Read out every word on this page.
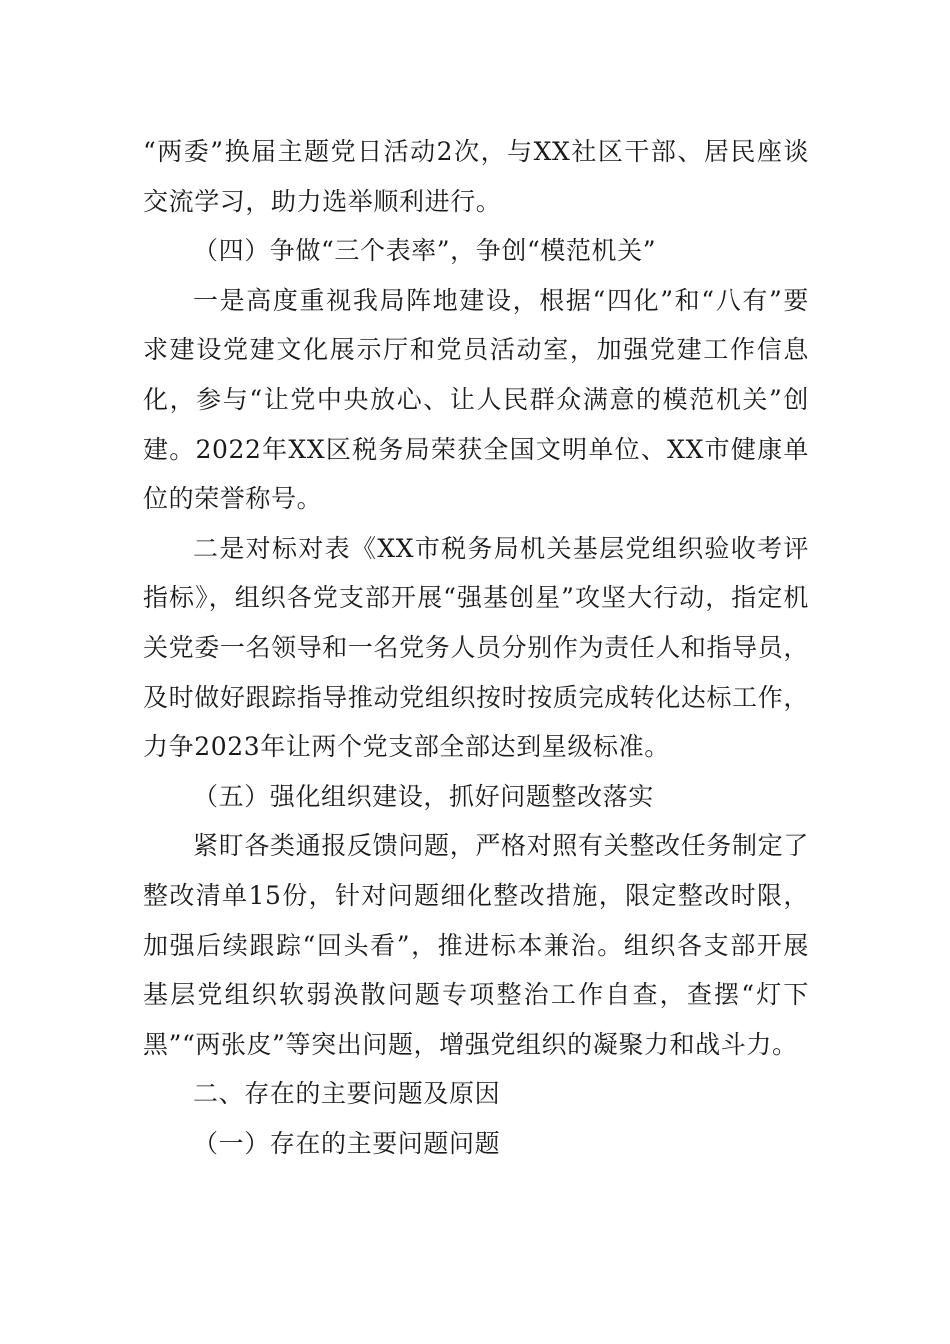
“两委”换届主题党日活动2次，与XX社区干部、居民座谈交流学习，助力选举顺利进行。

（四）争做“三个表率”，争创“模范机关”

一是高度重视我局阵地建设，根据“四化”和“八有”要求建设党建文化展示厅和党员活动室，加强党建工作信息化，参与“让党中央放心、让人民群众满意的模范机关”创建。2022年XX区税务局荣获全国文明单位、XX市健康单位的荣誉称号。

二是对标对表《XX市税务局机关基层党组织验收考评指标》，组织各党支部开展“强基创星”攻坚大行动，指定机关党委一名领导和一名党务人员分别作为责任人和指导员，及时做好跟踪指导推动党组织按时按质完成转化达标工作，力争2023年让两个党支部全部达到星级标准。

（五）强化组织建设，抓好问题整改落实

紧盯各类通报反馈问题，严格对照有关整改任务制定了整改清单15份，针对问题细化整改措施，限定整改时限，加强后续跟踪“回头看”，推进标本兼治。组织各支部开展基层党组织软弱涣散问题专项整治工作自查，查摆“灯下黑”“两张皮”等突出问题，增强党组织的凝聚力和战斗力。

二、存在的主要问题及原因

（一）存在的主要问题问题
